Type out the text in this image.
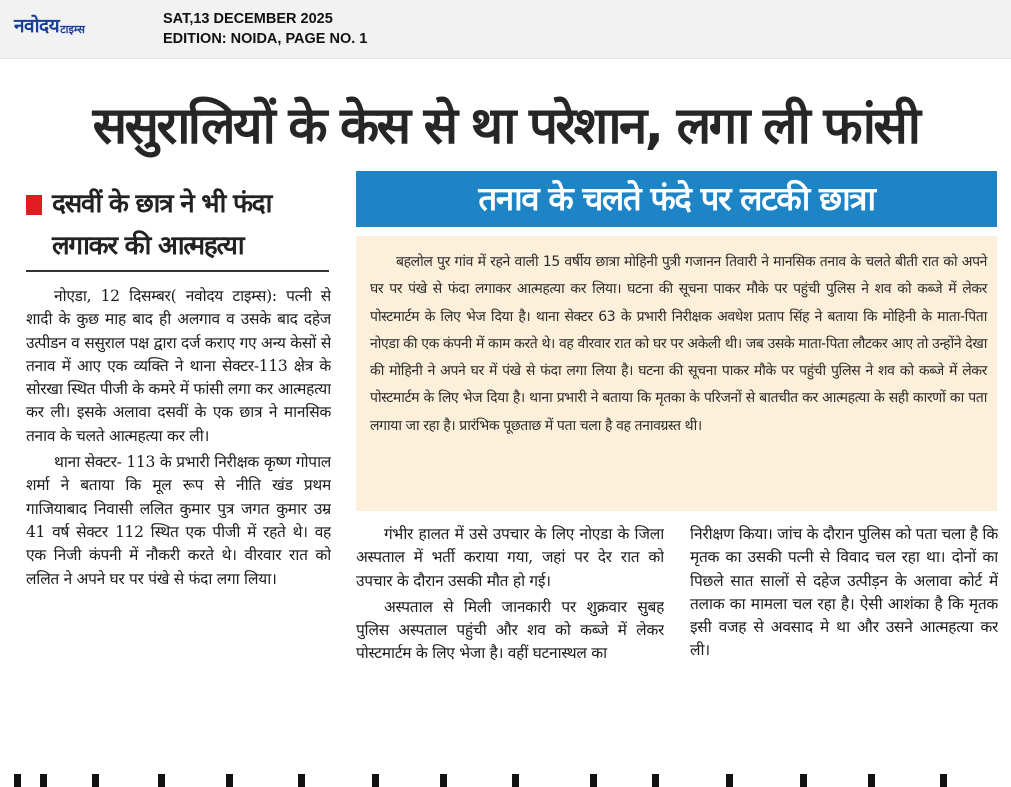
नवोदय टाइम्स
SAT,13 DECEMBER 2025
EDITION: NOIDA, PAGE NO. 1
ससुरालियों के केस से था परेशान, लगा ली फांसी
दसवीं के छात्र ने भी फंदा
लगाकर की आत्महत्या

नोएडा, 12 दिसम्बर( नवोदय टाइम्स): पत्नी से शादी के कुछ माह बाद ही अलगाव व उसके बाद दहेज उत्पीडन व ससुराल पक्ष द्वारा दर्ज कराए गए अन्य केसों से तनाव में आए एक व्यक्ति ने थाना सेक्टर-113 क्षेत्र के सोरखा स्थित पीजी के कमरे में फांसी लगा कर आत्महत्या कर ली। इसके अलावा दसवीं के एक छात्र ने मानसिक तनाव के चलते आत्महत्या कर ली।

थाना सेक्टर- 113 के प्रभारी निरीक्षक कृष्ण गोपाल शर्मा ने बताया कि मूल रूप से नीति खंड प्रथम गाजियाबाद निवासी ललित कुमार पुत्र जगत कुमार उम्र 41 वर्ष सेक्टर 112 स्थित एक पीजी में रहते थे। वह एक निजी कंपनी में नौकरी करते थे। वीरवार रात को ललित ने अपने घर पर पंखे से फंदा लगा लिया।

तनाव के चलते फंदे पर लटकी छात्रा

बहलोल पुर गांव में रहने वाली 15 वर्षीय छात्रा मोहिनी पुत्री गजानन तिवारी ने मानसिक तनाव के चलते बीती रात को अपने घर पर पंखे से फंदा लगाकर आत्महत्या कर लिया। घटना की सूचना पाकर मौके पर पहुंची पुलिस ने शव को कब्जे में लेकर पोस्टमार्टम के लिए भेज दिया है। थाना सेक्टर 63 के प्रभारी निरीक्षक अवधेश प्रताप सिंह ने बताया कि मोहिनी के माता-पिता नोएडा की एक कंपनी में काम करते थे। वह वीरवार रात को घर पर अकेली थी। जब उसके माता-पिता लौटकर आए तो उन्होंने देखा की मोहिनी ने अपने घर में पंखे से फंदा लगा लिया है। घटना की सूचना पाकर मौके पर पहुंची पुलिस ने शव को कब्जे में लेकर पोस्टमार्टम के लिए भेज दिया है। थाना प्रभारी ने बताया कि मृतका के परिजनों से बातचीत कर आत्महत्या के सही कारणों का पता लगाया जा रहा है। प्रारंभिक पूछताछ में पता चला है वह तनावग्रस्त थी।

गंभीर हालत में उसे उपचार के लिए नोएडा के जिला अस्पताल में भर्ती कराया गया, जहां पर देर रात को उपचार के दौरान उसकी मौत हो गई।

अस्पताल से मिली जानकारी पर शुक्रवार सुबह पुलिस अस्पताल पहुंची और शव को कब्जे में लेकर पोस्टमार्टम के लिए भेजा है। वहीं घटनास्थल का

निरीक्षण किया। जांच के दौरान पुलिस को पता चला है कि मृतक का उसकी पत्नी से विवाद चल रहा था। दोनों का पिछले सात सालों से दहेज उत्पीड़न के अलावा कोर्ट में तलाक का मामला चल रहा है। ऐसी आशंका है कि मृतक इसी वजह से अवसाद मे था और उसने आत्महत्या कर ली।
